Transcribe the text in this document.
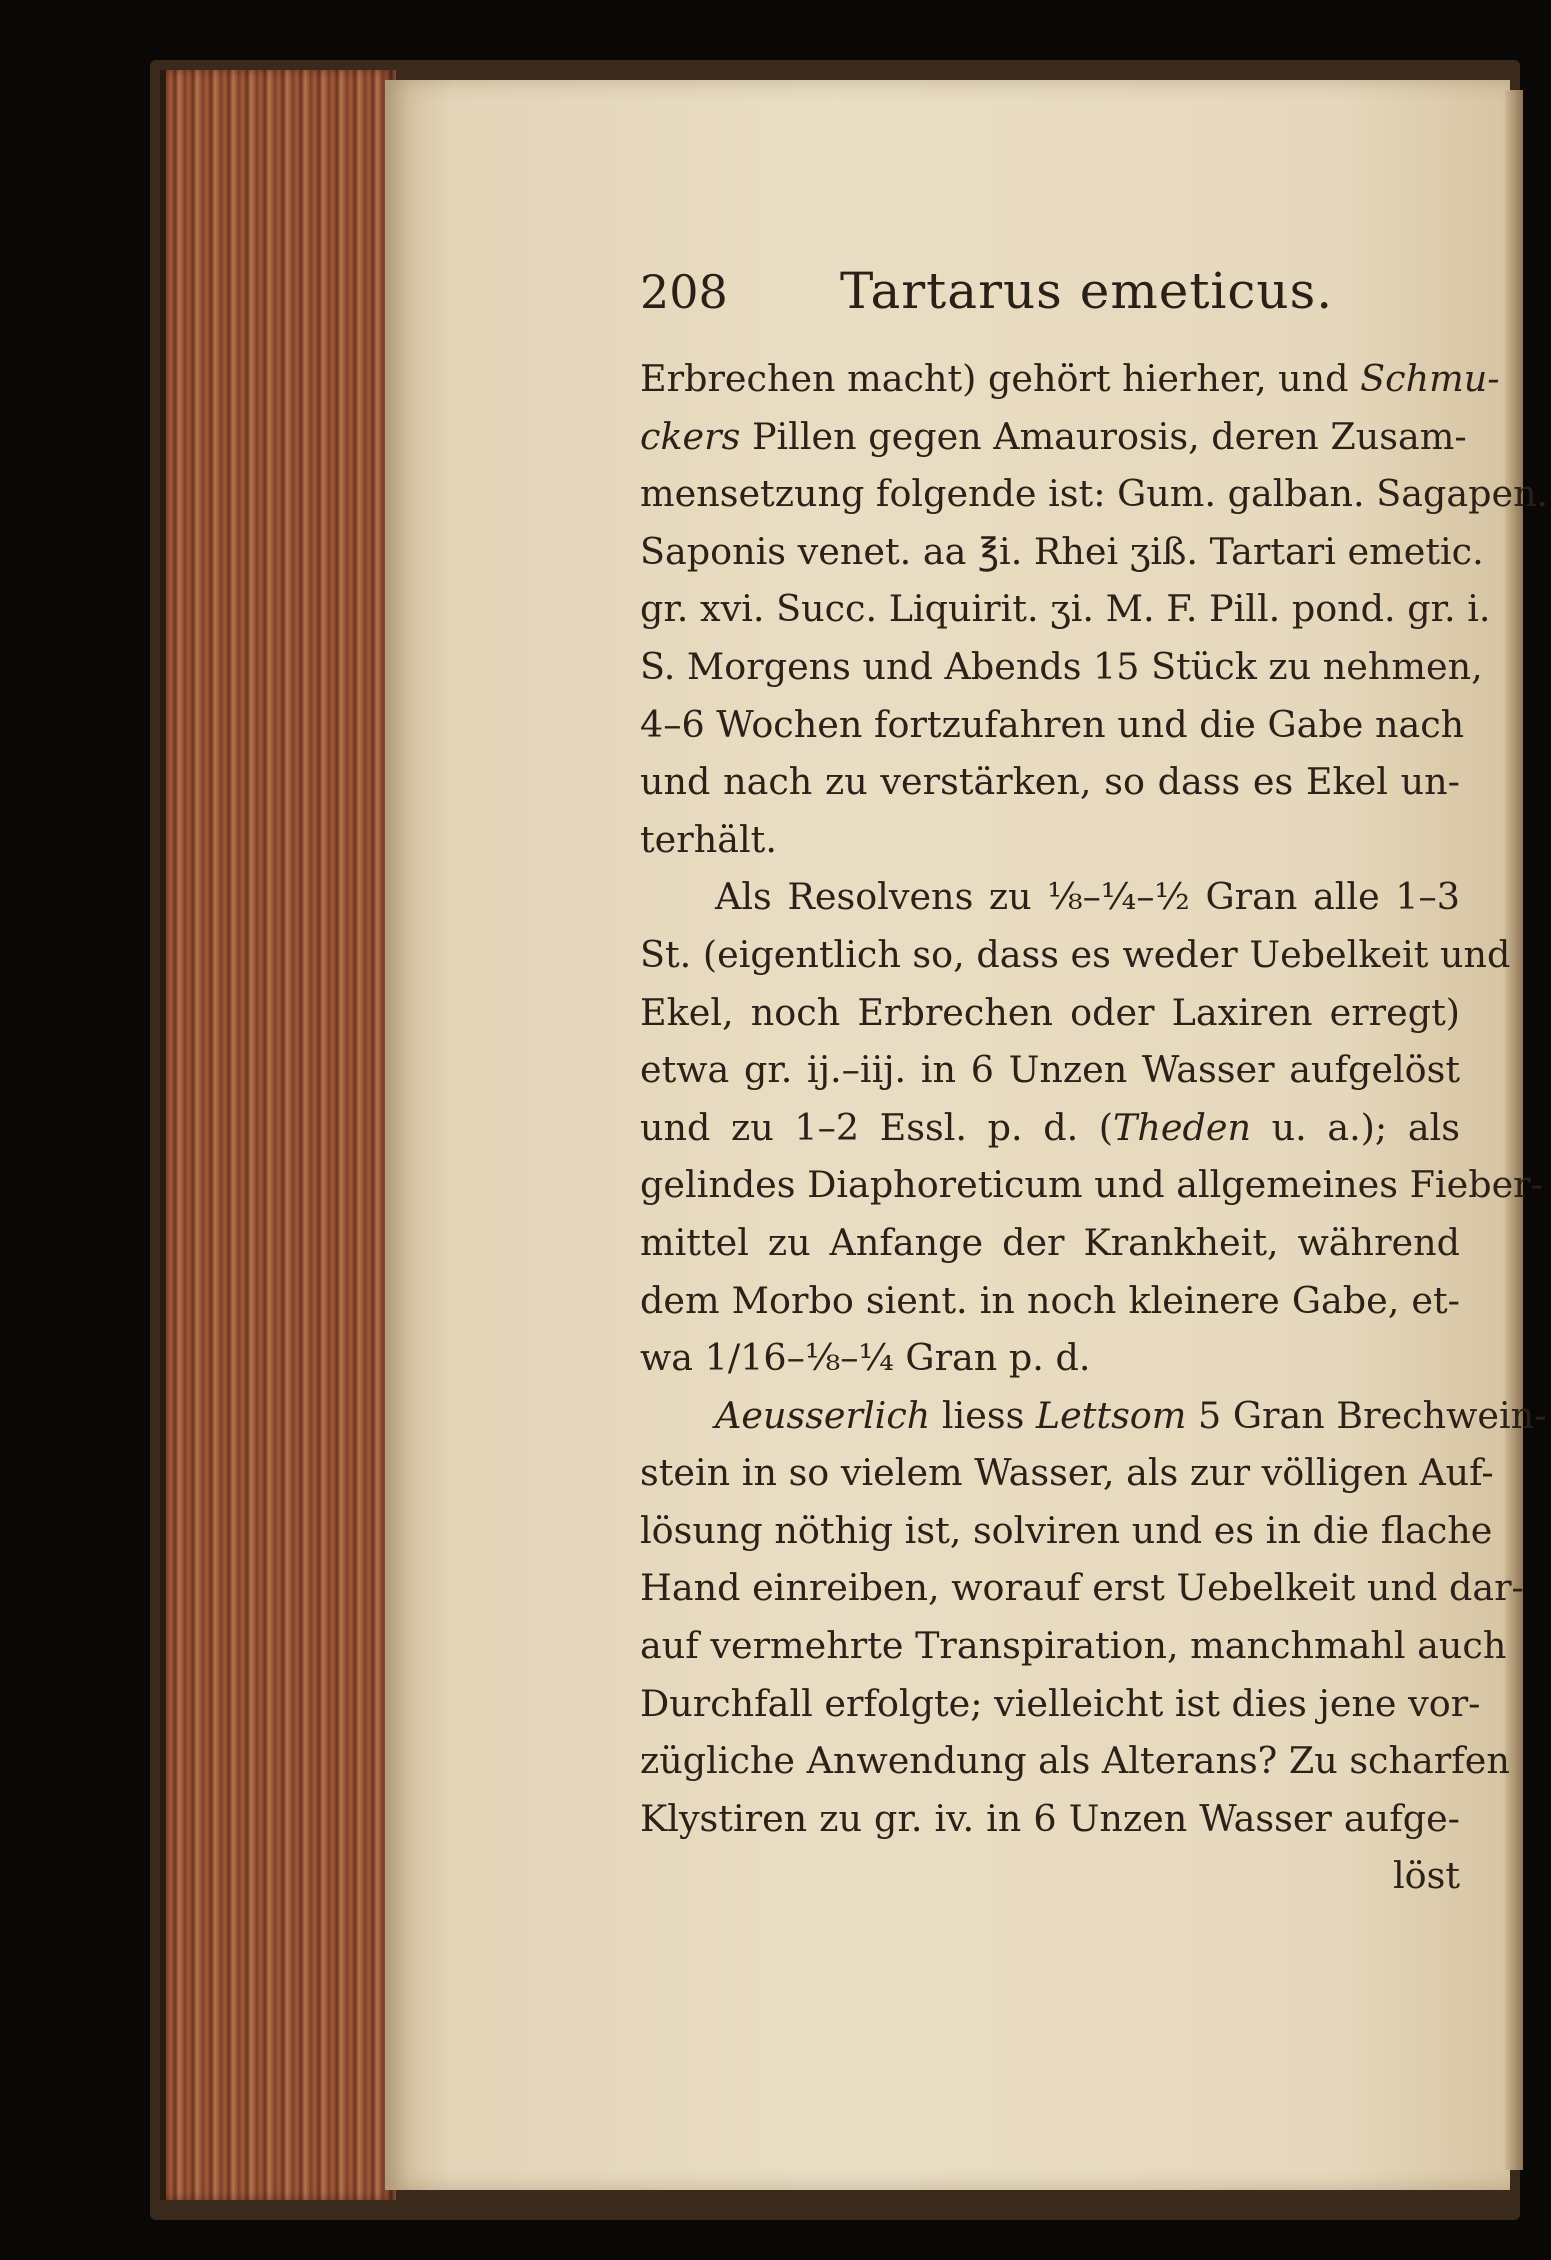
208	Tartarus emeticus.
Erbrechen macht) gehört hierher, und Schmu-
ckers Pillen gegen Amaurosis, deren Zusam-
mensetzung folgende ist: Gum. galban. Sagapen.
Saponis venet. aa ℥i. Rhei ʒiß. Tartari emetic.
gr. xvi. Succ. Liquirit. ʒi. M. F. Pill. pond. gr. i.
S. Morgens und Abends 15 Stück zu nehmen,
4–6 Wochen fortzufahren und die Gabe nach
und nach zu verstärken, so dass es Ekel un-
terhält.
Als Resolvens zu ⅛–¼–½ Gran alle 1–3
St. (eigentlich so, dass es weder Uebelkeit und
Ekel, noch Erbrechen oder Laxiren erregt)
etwa gr. ij.–iij. in 6 Unzen Wasser aufgelöst
und zu 1–2 Essl. p. d. (Theden u. a.); als
gelindes Diaphoreticum und allgemeines Fieber-
mittel zu Anfange der Krankheit, während
dem Morbo sient. in noch kleinere Gabe, et-
wa 1/16–⅛–¼ Gran p. d.
Aeusserlich liess Lettsom 5 Gran Brechwein-
stein in so vielem Wasser, als zur völligen Auf-
lösung nöthig ist, solviren und es in die flache
Hand einreiben, worauf erst Uebelkeit und dar-
auf vermehrte Transpiration, manchmahl auch
Durchfall erfolgte; vielleicht ist dies jene vor-
zügliche Anwendung als Alterans? Zu scharfen
Klystiren zu gr. iv. in 6 Unzen Wasser aufge-
löst
